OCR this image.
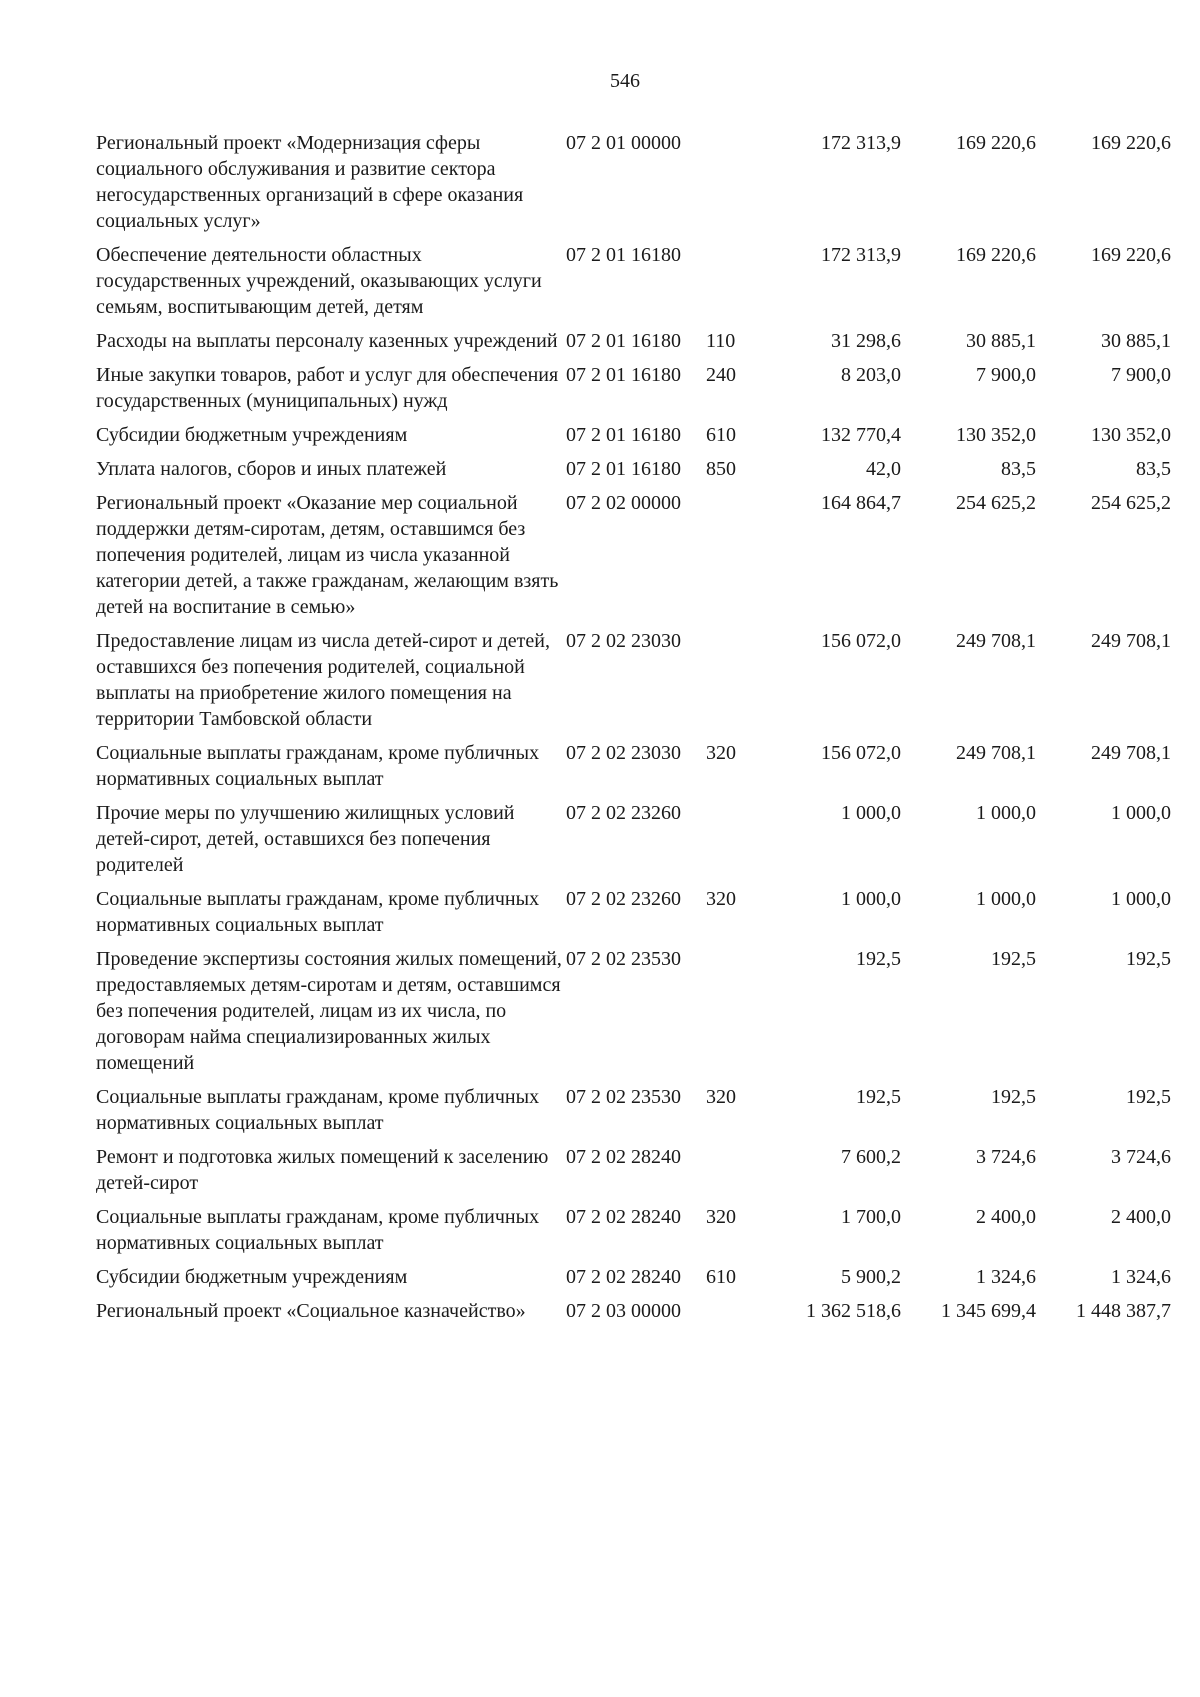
546
Региональный проект «Модернизация сферы социального обслуживания и развитие сектора негосударственных организаций в сфере оказания социальных услуг»	07 2 01 00000		172 313,9	169 220,6	169 220,6
Обеспечение деятельности областных государственных учреждений, оказывающих услуги семьям, воспитывающим детей, детям	07 2 01 16180		172 313,9	169 220,6	169 220,6
Расходы на выплаты персоналу казенных учреждений	07 2 01 16180	110	31 298,6	30 885,1	30 885,1
Иные закупки товаров, работ и услуг для обеспечения государственных (муниципальных) нужд	07 2 01 16180	240	8 203,0	7 900,0	7 900,0
Субсидии бюджетным учреждениям	07 2 01 16180	610	132 770,4	130 352,0	130 352,0
Уплата налогов, сборов и иных платежей	07 2 01 16180	850	42,0	83,5	83,5
Региональный проект «Оказание мер социальной поддержки детям-сиротам, детям, оставшимся без попечения родителей, лицам из числа указанной категории детей, а также гражданам, желающим взять детей на воспитание в семью»	07 2 02 00000		164 864,7	254 625,2	254 625,2
Предоставление лицам из числа детей-сирот и детей, оставшихся без попечения родителей, социальной выплаты на приобретение жилого помещения на территории Тамбовской области	07 2 02 23030		156 072,0	249 708,1	249 708,1
Социальные выплаты гражданам, кроме публичных нормативных социальных выплат	07 2 02 23030	320	156 072,0	249 708,1	249 708,1
Прочие меры по улучшению жилищных условий детей-сирот, детей, оставшихся без попечения родителей	07 2 02 23260		1 000,0	1 000,0	1 000,0
Социальные выплаты гражданам, кроме публичных нормативных социальных выплат	07 2 02 23260	320	1 000,0	1 000,0	1 000,0
Проведение экспертизы состояния жилых помещений, предоставляемых детям-сиротам и детям, оставшимся без попечения родителей, лицам из их числа, по договорам найма специализированных жилых помещений	07 2 02 23530		192,5	192,5	192,5
Социальные выплаты гражданам, кроме публичных нормативных социальных выплат	07 2 02 23530	320	192,5	192,5	192,5
Ремонт и подготовка жилых помещений к заселению детей-сирот	07 2 02 28240		7 600,2	3 724,6	3 724,6
Социальные выплаты гражданам, кроме публичных нормативных социальных выплат	07 2 02 28240	320	1 700,0	2 400,0	2 400,0
Субсидии бюджетным учреждениям	07 2 02 28240	610	5 900,2	1 324,6	1 324,6
Региональный проект «Социальное казначейство»	07 2 03 00000		1 362 518,6	1 345 699,4	1 448 387,7
